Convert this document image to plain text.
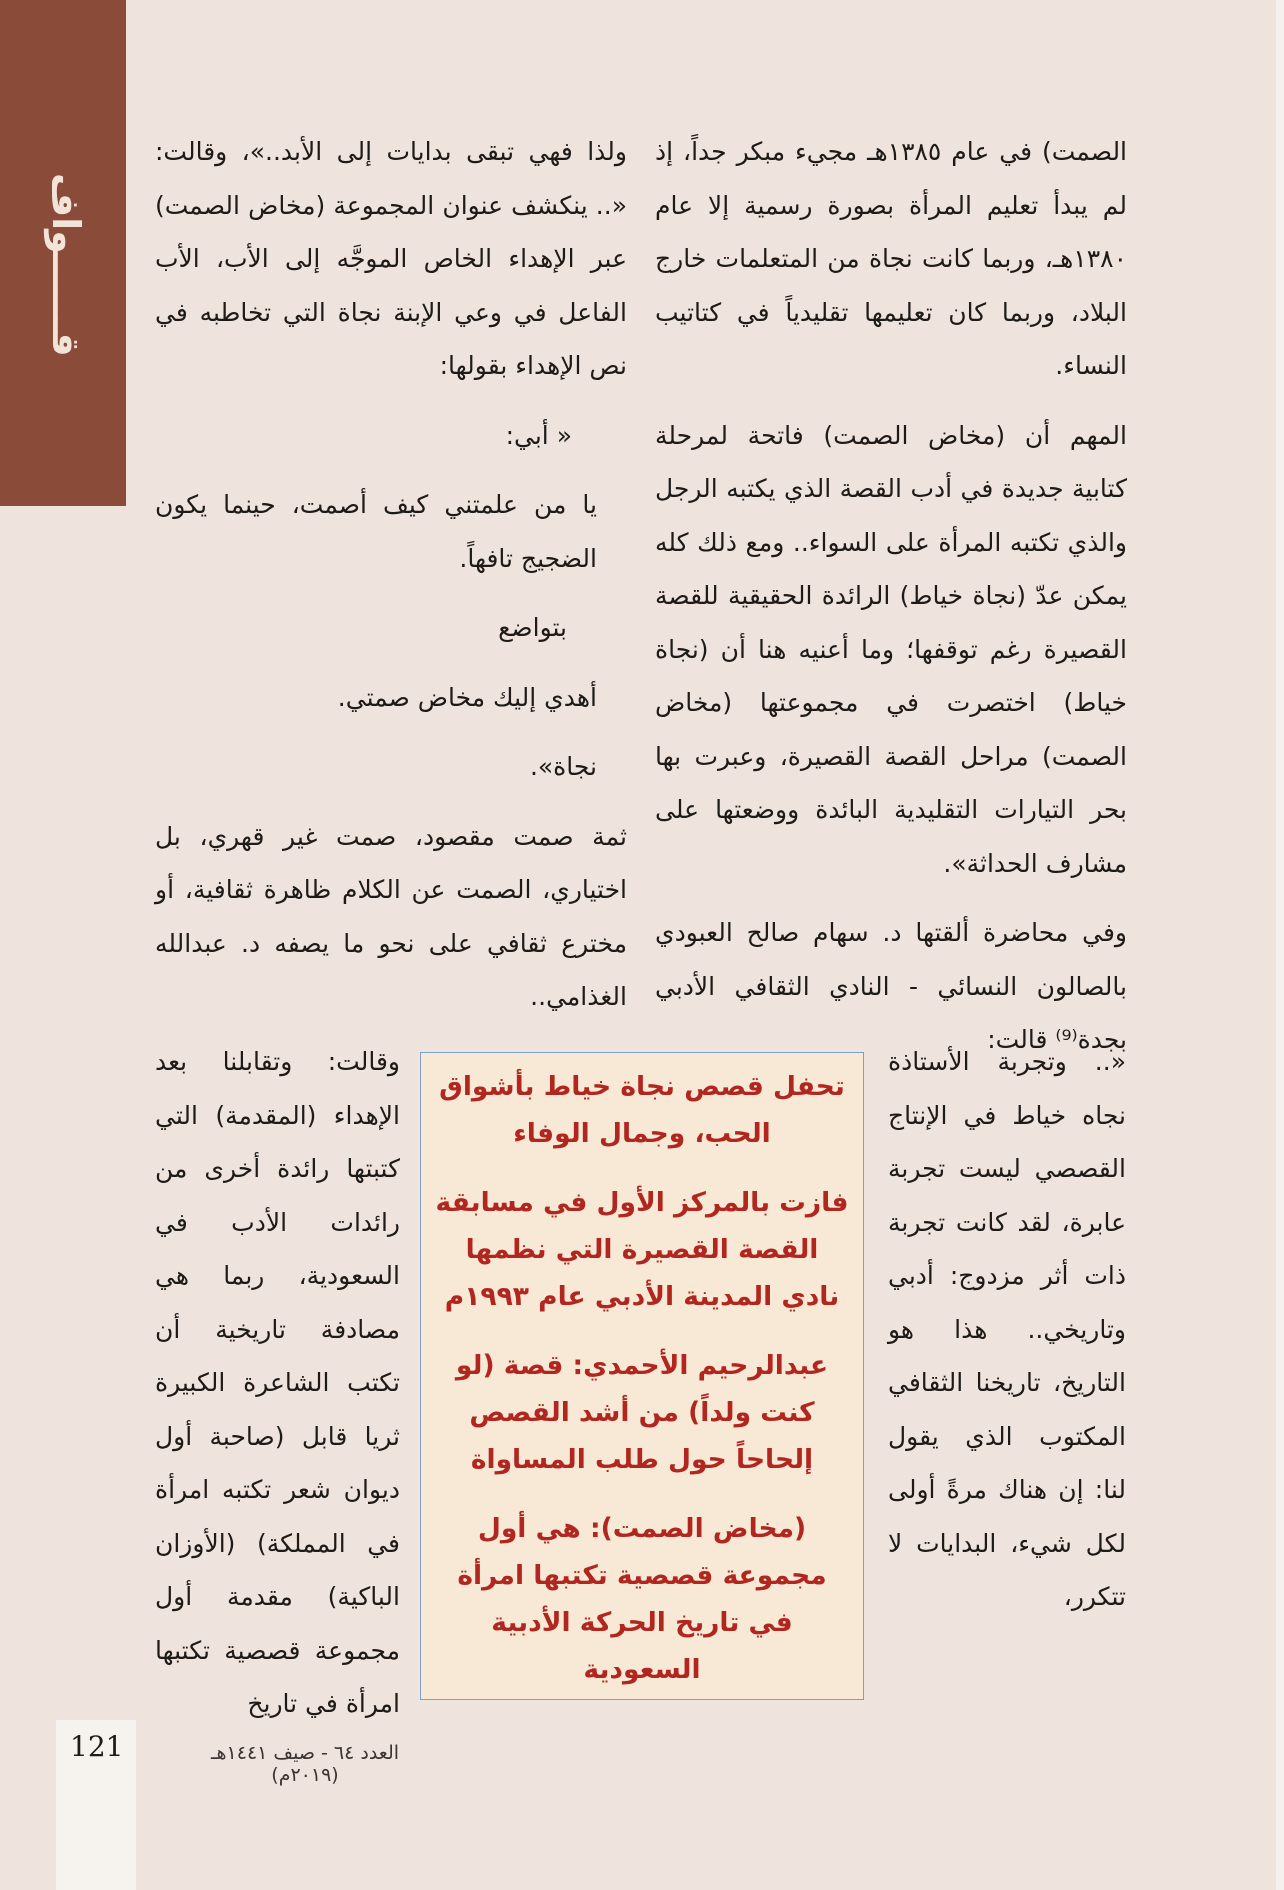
قــــــواف

الصمت) في عام ١٣٨٥هـ مجيء مبكر جداً، إذ لم يبدأ تعليم المرأة بصورة رسمية إلا عام ١٣٨٠هـ، وربما كانت نجاة من المتعلمات خارج البلاد، وربما كان تعليمها تقليدياً في كتاتيب النساء.

المهم أن (مخاض الصمت) فاتحة لمرحلة كتابية جديدة في أدب القصة الذي يكتبه الرجل والذي تكتبه المرأة على السواء.. ومع ذلك كله يمكن عدّ (نجاة خياط) الرائدة الحقيقية للقصة القصيرة رغم توقفها؛ وما أعنيه هنا أن (نجاة خياط) اختصرت في مجموعتها (مخاض الصمت) مراحل القصة القصيرة، وعبرت بها بحر التيارات التقليدية البائدة ووضعتها على مشارف الحداثة».

وفي محاضرة ألقتها د. سهام صالح العبودي بالصالون النسائي - النادي الثقافي الأدبي بجدة⁽⁹⁾ قالت:

«.. وتجربة الأستاذة نجاه خياط في الإنتاج القصصي ليست تجربة عابرة، لقد كانت تجربة ذات أثر مزدوج: أدبي وتاريخي.. هذا هو التاريخ، تاريخنا الثقافي المكتوب الذي يقول لنا: إن هناك مرةً أولى لكل شيء، البدايات لا تتكرر،

ولذا فهي تبقى بدايات إلى الأبد..»، وقالت: «.. ينكشف عنوان المجموعة (مخاض الصمت) عبر الإهداء الخاص الموجَّه إلى الأب، الأب الفاعل في وعي الإبنة نجاة التي تخاطبه في نص الإهداء بقولها:

« أبي:

يا من علمتني كيف أصمت، حينما يكون الضجيج تافهاً.

بتواضع

أهدي إليك مخاض صمتي.

نجاة».

ثمة صمت مقصود، صمت غير قهري، بل اختياري، الصمت عن الكلام ظاهرة ثقافية، أو مخترع ثقافي على نحو ما يصفه د. عبدالله الغذامي..

وقالت: وتقابلنا بعد الإهداء (المقدمة) التي كتبتها رائدة أخرى من رائدات الأدب في السعودية، ربما هي مصادفة تاريخية أن تكتب الشاعرة الكبيرة ثريا قابل (صاحبة أول ديوان شعر تكتبه امرأة في المملكة) (الأوزان الباكية) مقدمة أول مجموعة قصصية تكتبها امرأة في تاريخ

تحفل قصص نجاة خياط بأشواق الحب، وجمال الوفاء

فازت بالمركز الأول في مسابقة القصة القصيرة التي نظمها نادي المدينة الأدبي عام ١٩٩٣م

عبدالرحيم الأحمدي: قصة (لو كنت ولداً) من أشد القصص إلحاحاً حول طلب المساواة

(مخاض الصمت): هي أول مجموعة قصصية تكتبها امرأة في تاريخ الحركة الأدبية السعودية

121	العدد ٦٤ - صيف ١٤٤١هـ (٢٠١٩م)
